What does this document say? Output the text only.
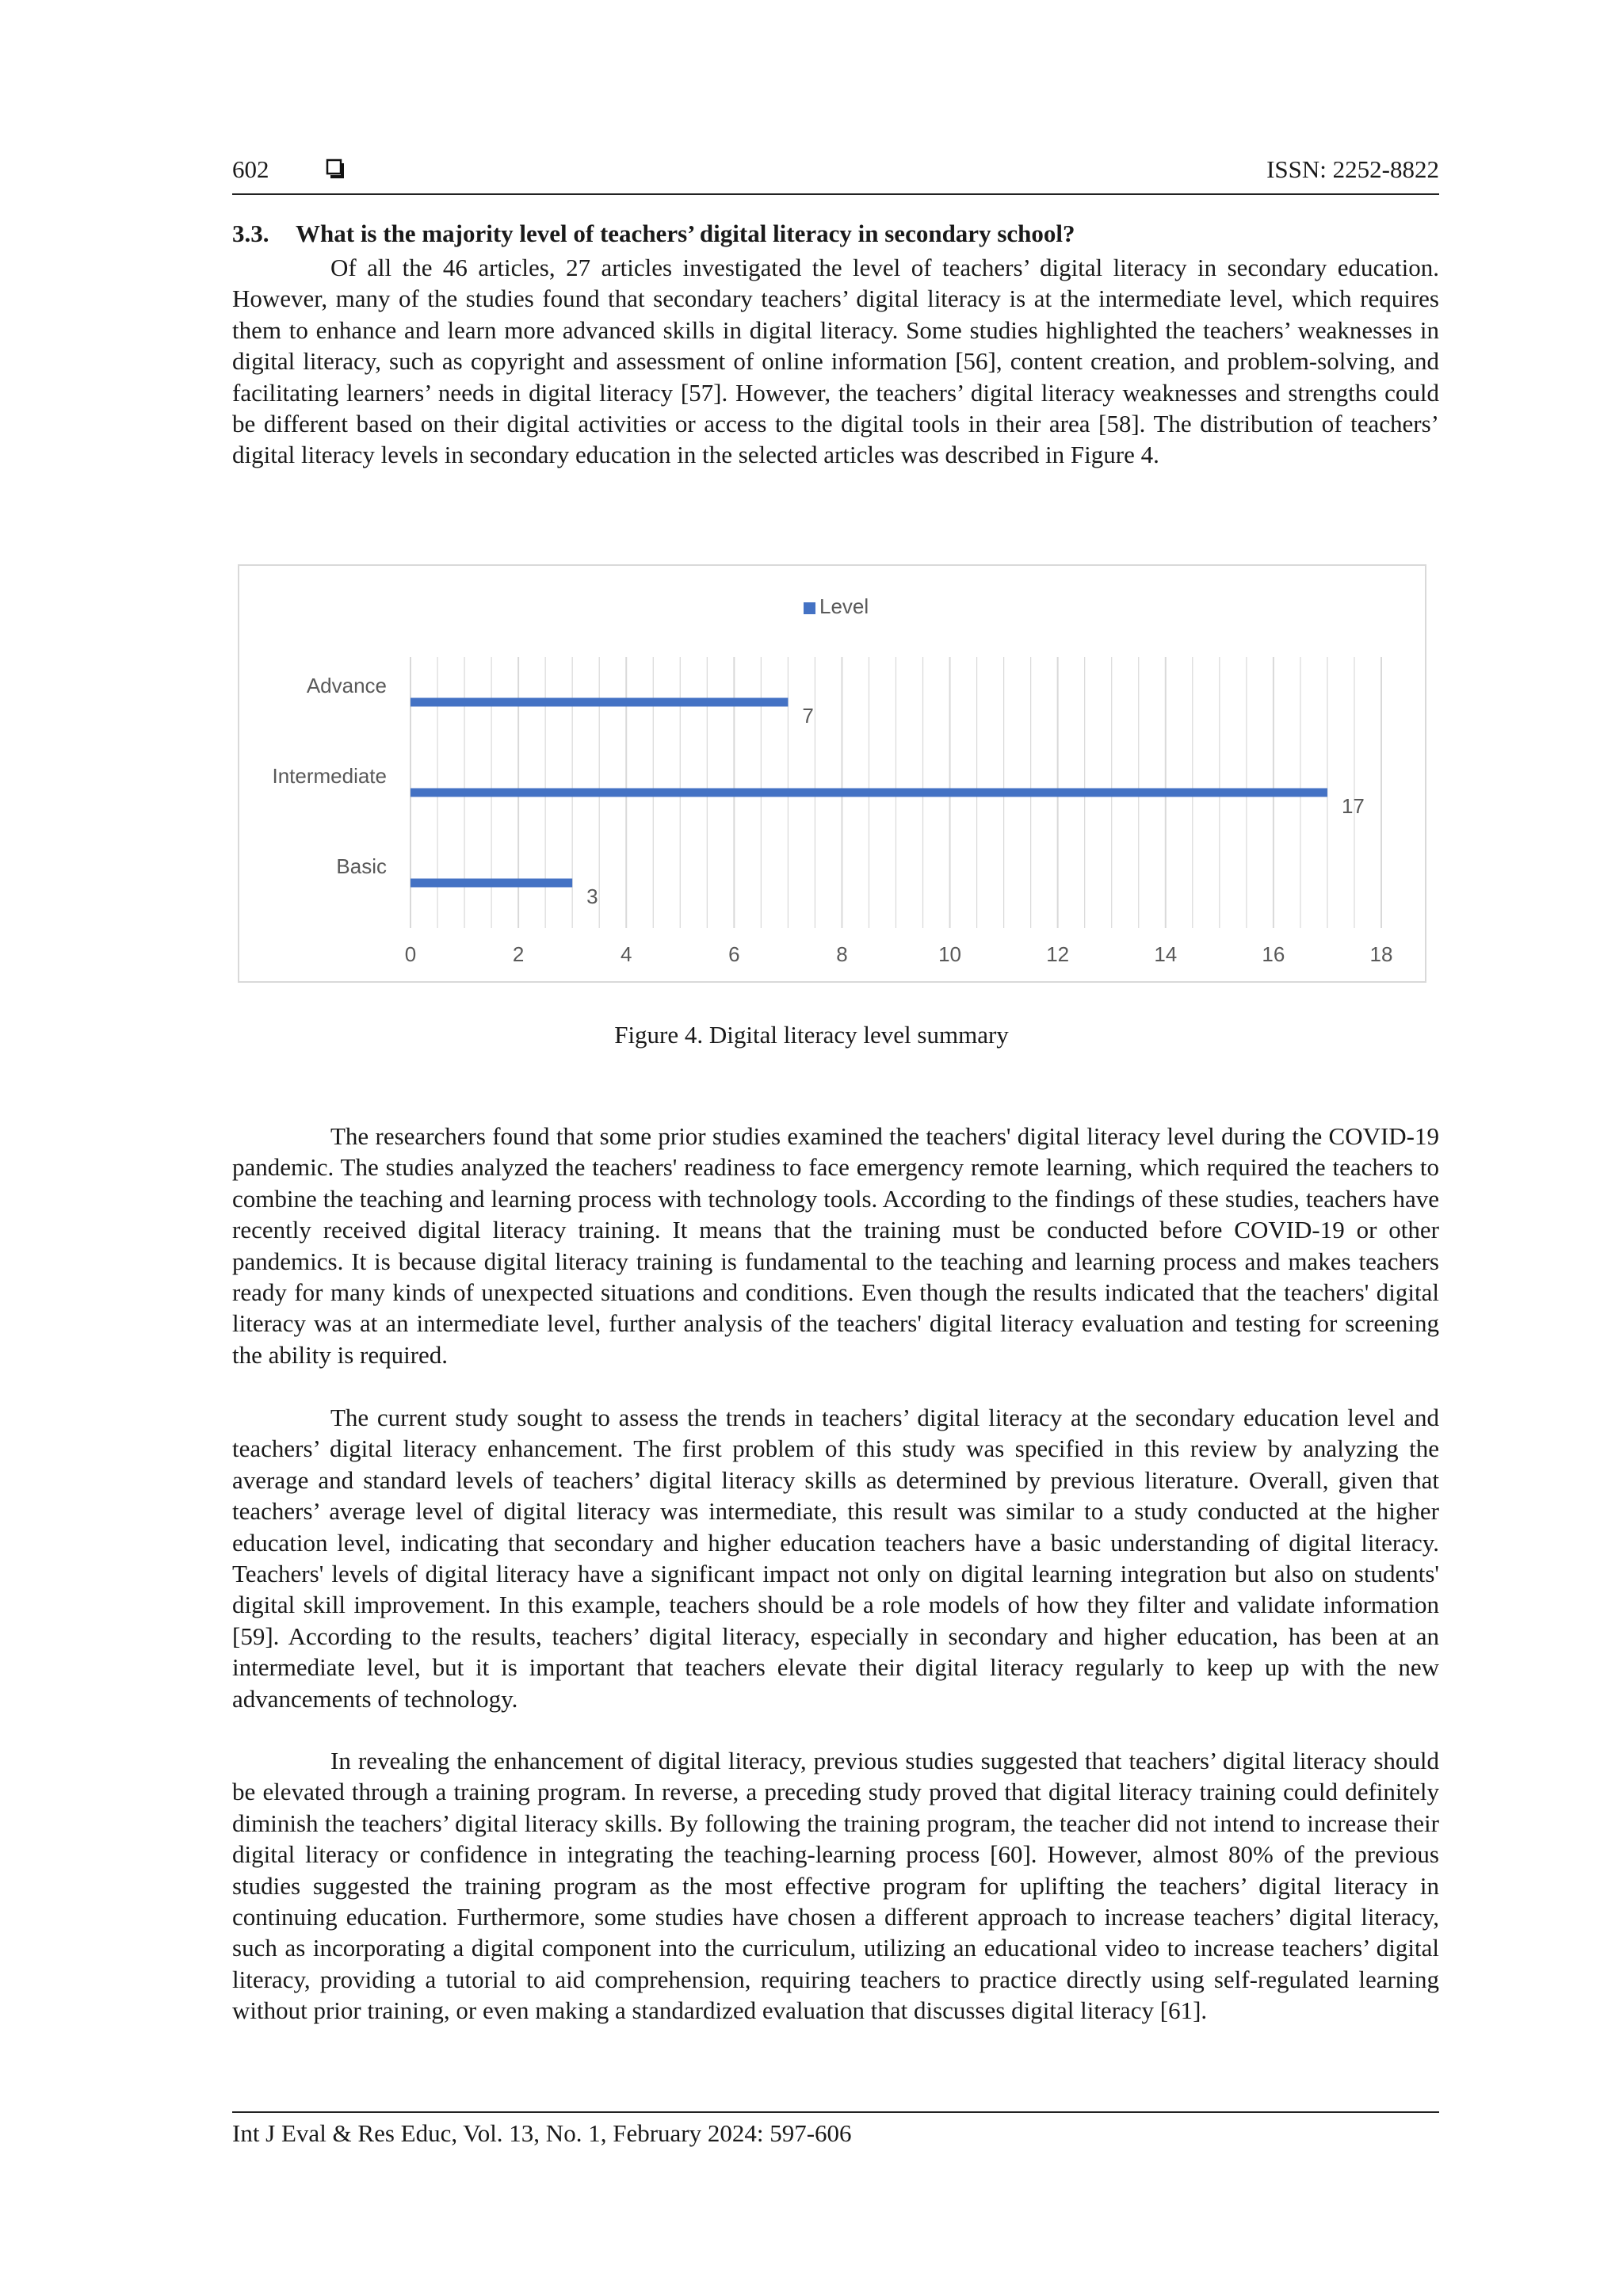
602	ISSN: 2252-8822
3.3. What is the majority level of teachers’ digital literacy in secondary school?

Of all the 46 articles, 27 articles investigated the level of teachers’ digital literacy in secondary education. However, many of the studies found that secondary teachers’ digital literacy is at the intermediate level, which requires them to enhance and learn more advanced skills in digital literacy. Some studies highlighted the teachers’ weaknesses in digital literacy, such as copyright and assessment of online information [56], content creation, and problem-solving, and facilitating learners’ needs in digital literacy [57]. However, the teachers’ digital literacy weaknesses and strengths could be different based on their digital activities or access to the digital tools in their area [58]. The distribution of teachers’ digital literacy levels in secondary education in the selected articles was described in Figure 4.

Level
Basic
Intermediate
Advance
0	2	4	6	8	10	12	14	16	18
3
17
7

Figure 4. Digital literacy level summary

The researchers found that some prior studies examined the teachers' digital literacy level during the COVID-19 pandemic. The studies analyzed the teachers' readiness to face emergency remote learning, which required the teachers to combine the teaching and learning process with technology tools. According to the findings of these studies, teachers have recently received digital literacy training. It means that the training must be conducted before COVID-19 or other pandemics. It is because digital literacy training is fundamental to the teaching and learning process and makes teachers ready for many kinds of unexpected situations and conditions. Even though the results indicated that the teachers' digital literacy was at an intermediate level, further analysis of the teachers' digital literacy evaluation and testing for screening the ability is required.

The current study sought to assess the trends in teachers’ digital literacy at the secondary education level and teachers’ digital literacy enhancement. The first problem of this study was specified in this review by analyzing the average and standard levels of teachers’ digital literacy skills as determined by previous literature. Overall, given that teachers’ average level of digital literacy was intermediate, this result was similar to a study conducted at the higher education level, indicating that secondary and higher education teachers have a basic understanding of digital literacy. Teachers' levels of digital literacy have a significant impact not only on digital learning integration but also on students' digital skill improvement. In this example, teachers should be a role models of how they filter and validate information [59]. According to the results, teachers’ digital literacy, especially in secondary and higher education, has been at an intermediate level, but it is important that teachers elevate their digital literacy regularly to keep up with the new advancements of technology.

In revealing the enhancement of digital literacy, previous studies suggested that teachers’ digital literacy should be elevated through a training program. In reverse, a preceding study proved that digital literacy training could definitely diminish the teachers’ digital literacy skills. By following the training program, the teacher did not intend to increase their digital literacy or confidence in integrating the teaching-learning process [60]. However, almost 80% of the previous studies suggested the training program as the most effective program for uplifting the teachers’ digital literacy in continuing education. Furthermore, some studies have chosen a different approach to increase teachers’ digital literacy, such as incorporating a digital component into the curriculum, utilizing an educational video to increase teachers’ digital literacy, providing a tutorial to aid comprehension, requiring teachers to practice directly using self-regulated learning without prior training, or even making a standardized evaluation that discusses digital literacy [61].

Int J Eval & Res Educ, Vol. 13, No. 1, February 2024: 597-606
